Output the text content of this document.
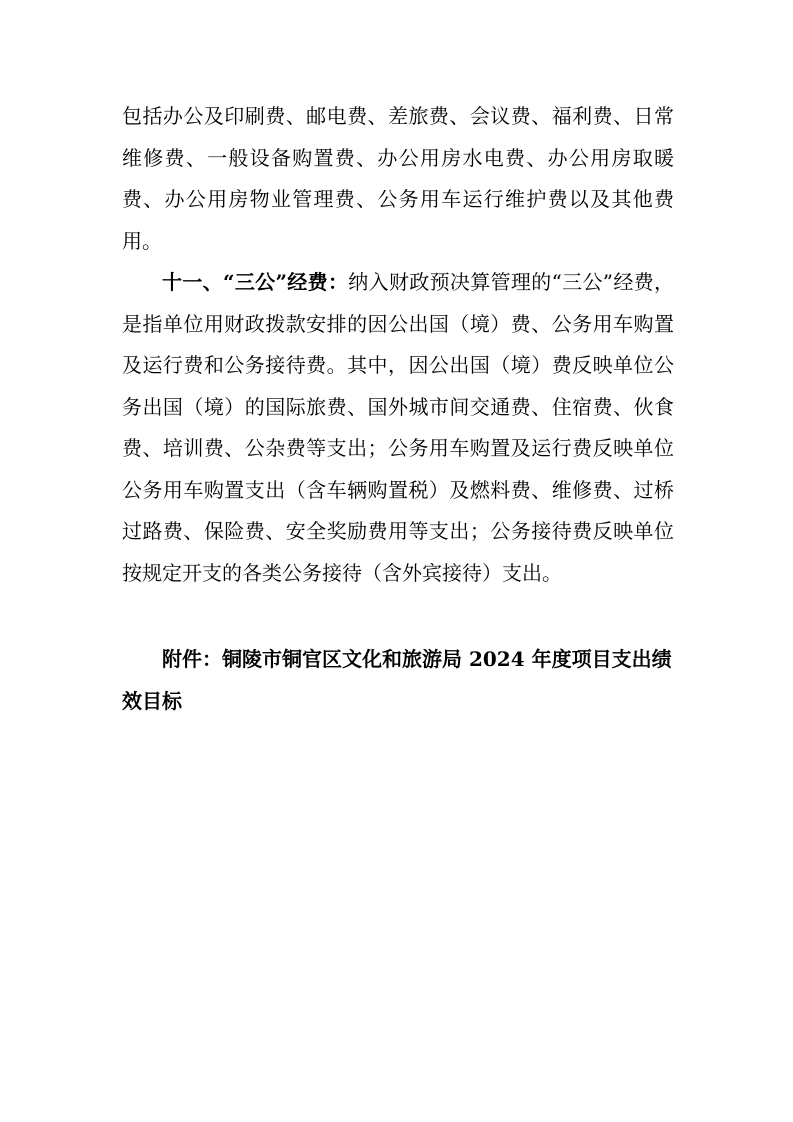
包括办公及印刷费、邮电费、差旅费、会议费、福利费、日常维修费、一般设备购置费、办公用房水电费、办公用房取暖费、办公用房物业管理费、公务用车运行维护费以及其他费用。

十一、“三公”经费：纳入财政预决算管理的“三公”经费，是指单位用财政拨款安排的因公出国（境）费、公务用车购置及运行费和公务接待费。其中，因公出国（境）费反映单位公务出国（境）的国际旅费、国外城市间交通费、住宿费、伙食费、培训费、公杂费等支出；公务用车购置及运行费反映单位公务用车购置支出（含车辆购置税）及燃料费、维修费、过桥过路费、保险费、安全奖励费用等支出；公务接待费反映单位按规定开支的各类公务接待（含外宾接待）支出。

附件：铜陵市铜官区文化和旅游局 2024 年度项目支出绩效目标
